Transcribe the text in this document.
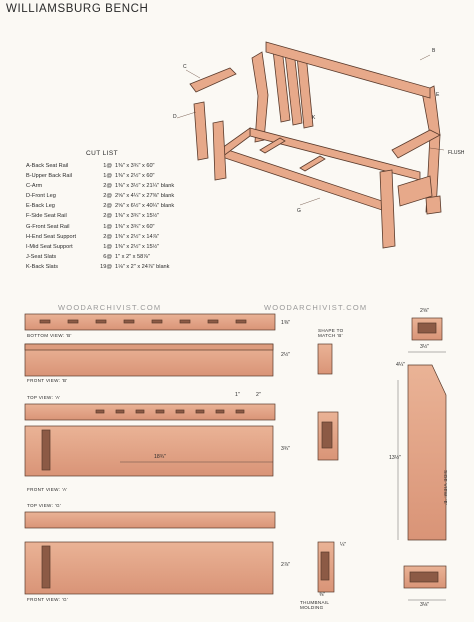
WILLIAMSBURG BENCH
C
D
B
E
K
FLUSH
G
CUT LIST
A-Back Seat Rail	1@ 1⅜" x 3¾" x 60"
B-Upper Back Rail	1@ 1⅜" x 2½" x 60"
C-Arm	2@ 1⅜" x 3½" x 21¼" blank
D-Front Leg	2@ 2⅝" x 4¼" x 27⅜" blank
E-Back Leg	2@ 2⅝" x 6½" x 40¼" blank
F-Side Seat Rail	2@ 1⅜" x 3¾" x 15½"
G-Front Seat Rail	1@ 1⅜" x 3¾" x 60"
H-End Seat Support	2@ 1⅜" x 2½" x 14⅞"
I-Mid Seat Support	1@ 1⅜" x 2½" x 15½"
J-Seat Slats	6@ 1" x 2" x 58⅞"
K-Back Slats	19@ 1⅛" x 2" x 24⅞" blank
WOODARCHIVIST.COM	WOODARCHIVIST.COM
BOTTOM VIEW: 'B'
FRONT VIEW: 'B'
TOP VIEW: 'A'
FRONT VIEW: 'A'
TOP VIEW: 'G'
FRONT VIEW: 'G'
SIDE VIEW: 'E'
SHAPE TO MATCH 'B'
THUMBNAIL MOLDING
1⅜"
2½"
1"	2"
18¾"
3¾"
2⅝"
4¼"
3½"
13½"
3⅛"
2⅞"
⅜"
¼"
